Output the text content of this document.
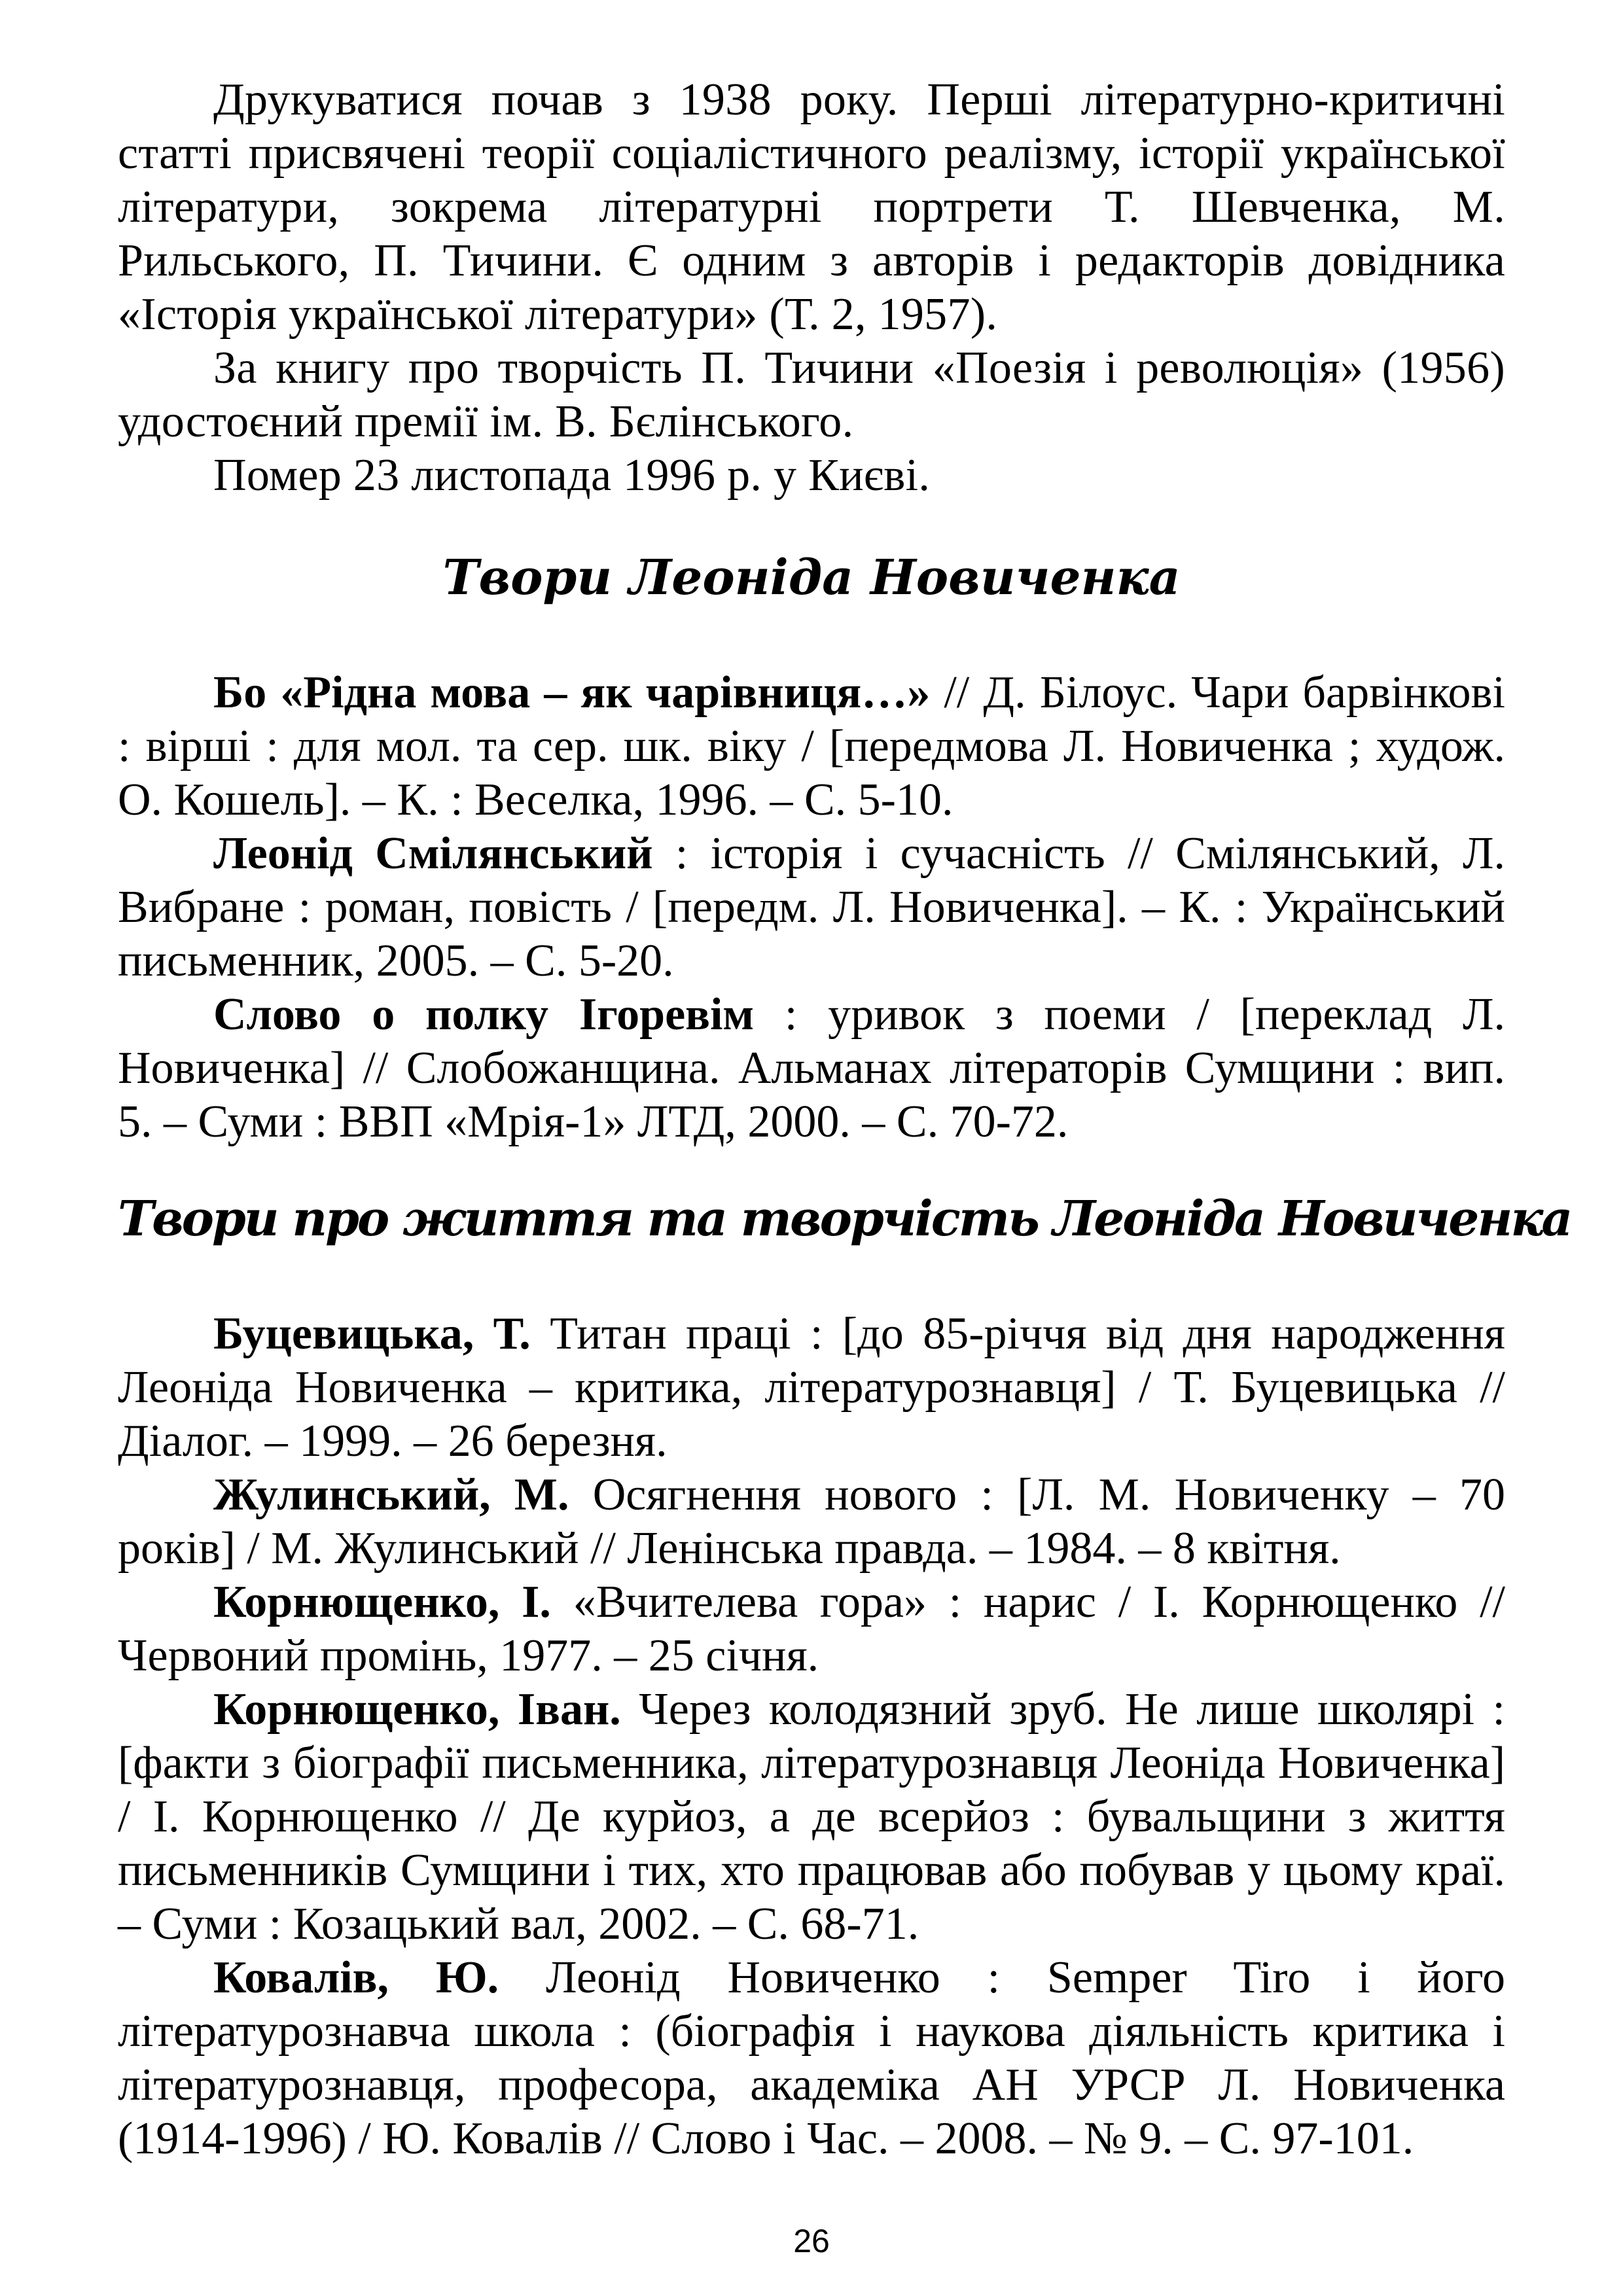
Друкуватися почав з 1938 року. Перші літературно-критичні статті присвячені теорії соціалістичного реалізму, історії української літератури, зокрема літературні портрети Т. Шевченка, М. Рильського, П. Тичини. Є одним з авторів і редакторів довідника «Історія української літератури» (Т. 2, 1957).

За книгу про творчість П. Тичини «Поезія і революція» (1956) удостоєний премії ім. В. Бєлінського.

Помер 23 листопада 1996 р. у Києві.

Твори Леоніда Новиченка

Бо «Рідна мова – як чарівниця…» // Д. Білоус. Чари барвінкові : вірші : для мол. та сер. шк. віку / [передмова Л. Новиченка ; худож. О. Кошель]. – К. : Веселка, 1996. – С. 5-10.

Леонід Смілянський : історія і сучасність // Смілянський, Л. Вибране : роман, повість / [передм. Л. Новиченка]. – К. : Український письменник, 2005. – С. 5-20.

Слово о полку Ігоревім : уривок з поеми / [переклад Л. Новиченка] // Слобожанщина. Альманах літераторів Сумщини : вип. 5. – Суми : ВВП «Мрія-1» ЛТД, 2000. – С. 70-72.

Твори про життя та творчість Леоніда Новиченка

Буцевицька, Т. Титан праці : [до 85-річчя від дня народження Леоніда Новиченка – критика, літературознавця] / Т. Буцевицька // Діалог. – 1999. – 26 березня.

Жулинський, М. Осягнення нового : [Л. М. Новиченку – 70 років] / М. Жулинський // Ленінська правда. – 1984. – 8 квітня.

Корнющенко, І. «Вчителева гора» : нарис / І. Корнющенко // Червоний промінь, 1977. – 25 січня.

Корнющенко, Іван. Через колодязний зруб. Не лише школярі : [факти з біографії письменника, літературознавця Леоніда Новиченка] / І. Корнющенко // Де курйоз, а де всерйоз : бувальщини з життя письменників Сумщини і тих, хто працював або побував у цьому краї. – Суми : Козацький вал, 2002. – С. 68-71.

Ковалів, Ю. Леонід Новиченко : Semper Tiro і його літературознавча школа : (біографія і наукова діяльність критика і літературознавця, професора, академіка АН УРСР Л. Новиченка (1914-1996) / Ю. Ковалів // Слово і Час. – 2008. – № 9. – С. 97-101.

26
